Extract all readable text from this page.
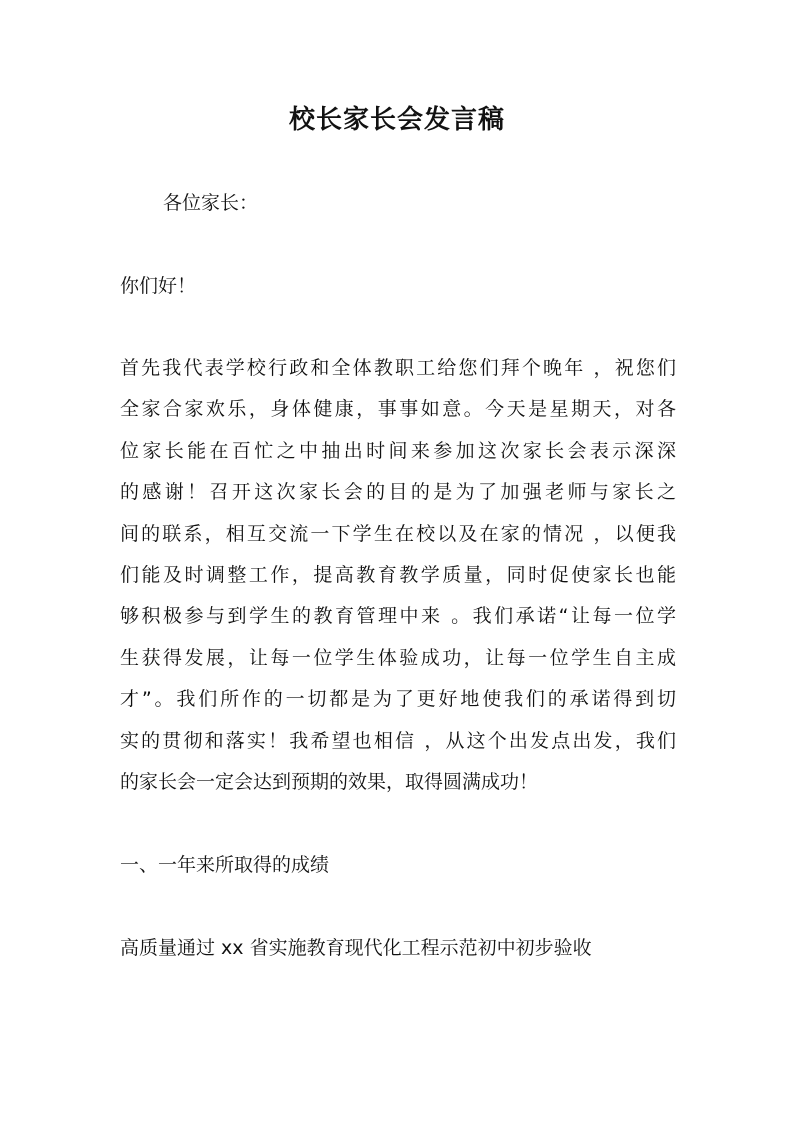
校长家长会发言稿

各位家长：

你们好！

首先我代表学校行政和全体教职工给您们拜个晚年 ，祝您们
全家合家欢乐，身体健康，事事如意。今天是星期天，对各
位家长能在百忙之中抽出时间来参加这次家长会表示深深
的感谢！召开这次家长会的目的是为了加强老师与家长之
间的联系，相互交流一下学生在校以及在家的情况 ，以便我
们能及时调整工作，提高教育教学质量，同时促使家长也能
够积极参与到学生的教育管理中来 。我们承诺“让每一位学
生获得发展，让每一位学生体验成功，让每一位学生自主成
才”。我们所作的一切都是为了更好地使我们的承诺得到切
实的贯彻和落实！我希望也相信 ，从这个出发点出发，我们
的家长会一定会达到预期的效果，取得圆满成功！

一、一年来所取得的成绩

高质量通过 xx 省实施教育现代化工程示范初中初步验收
